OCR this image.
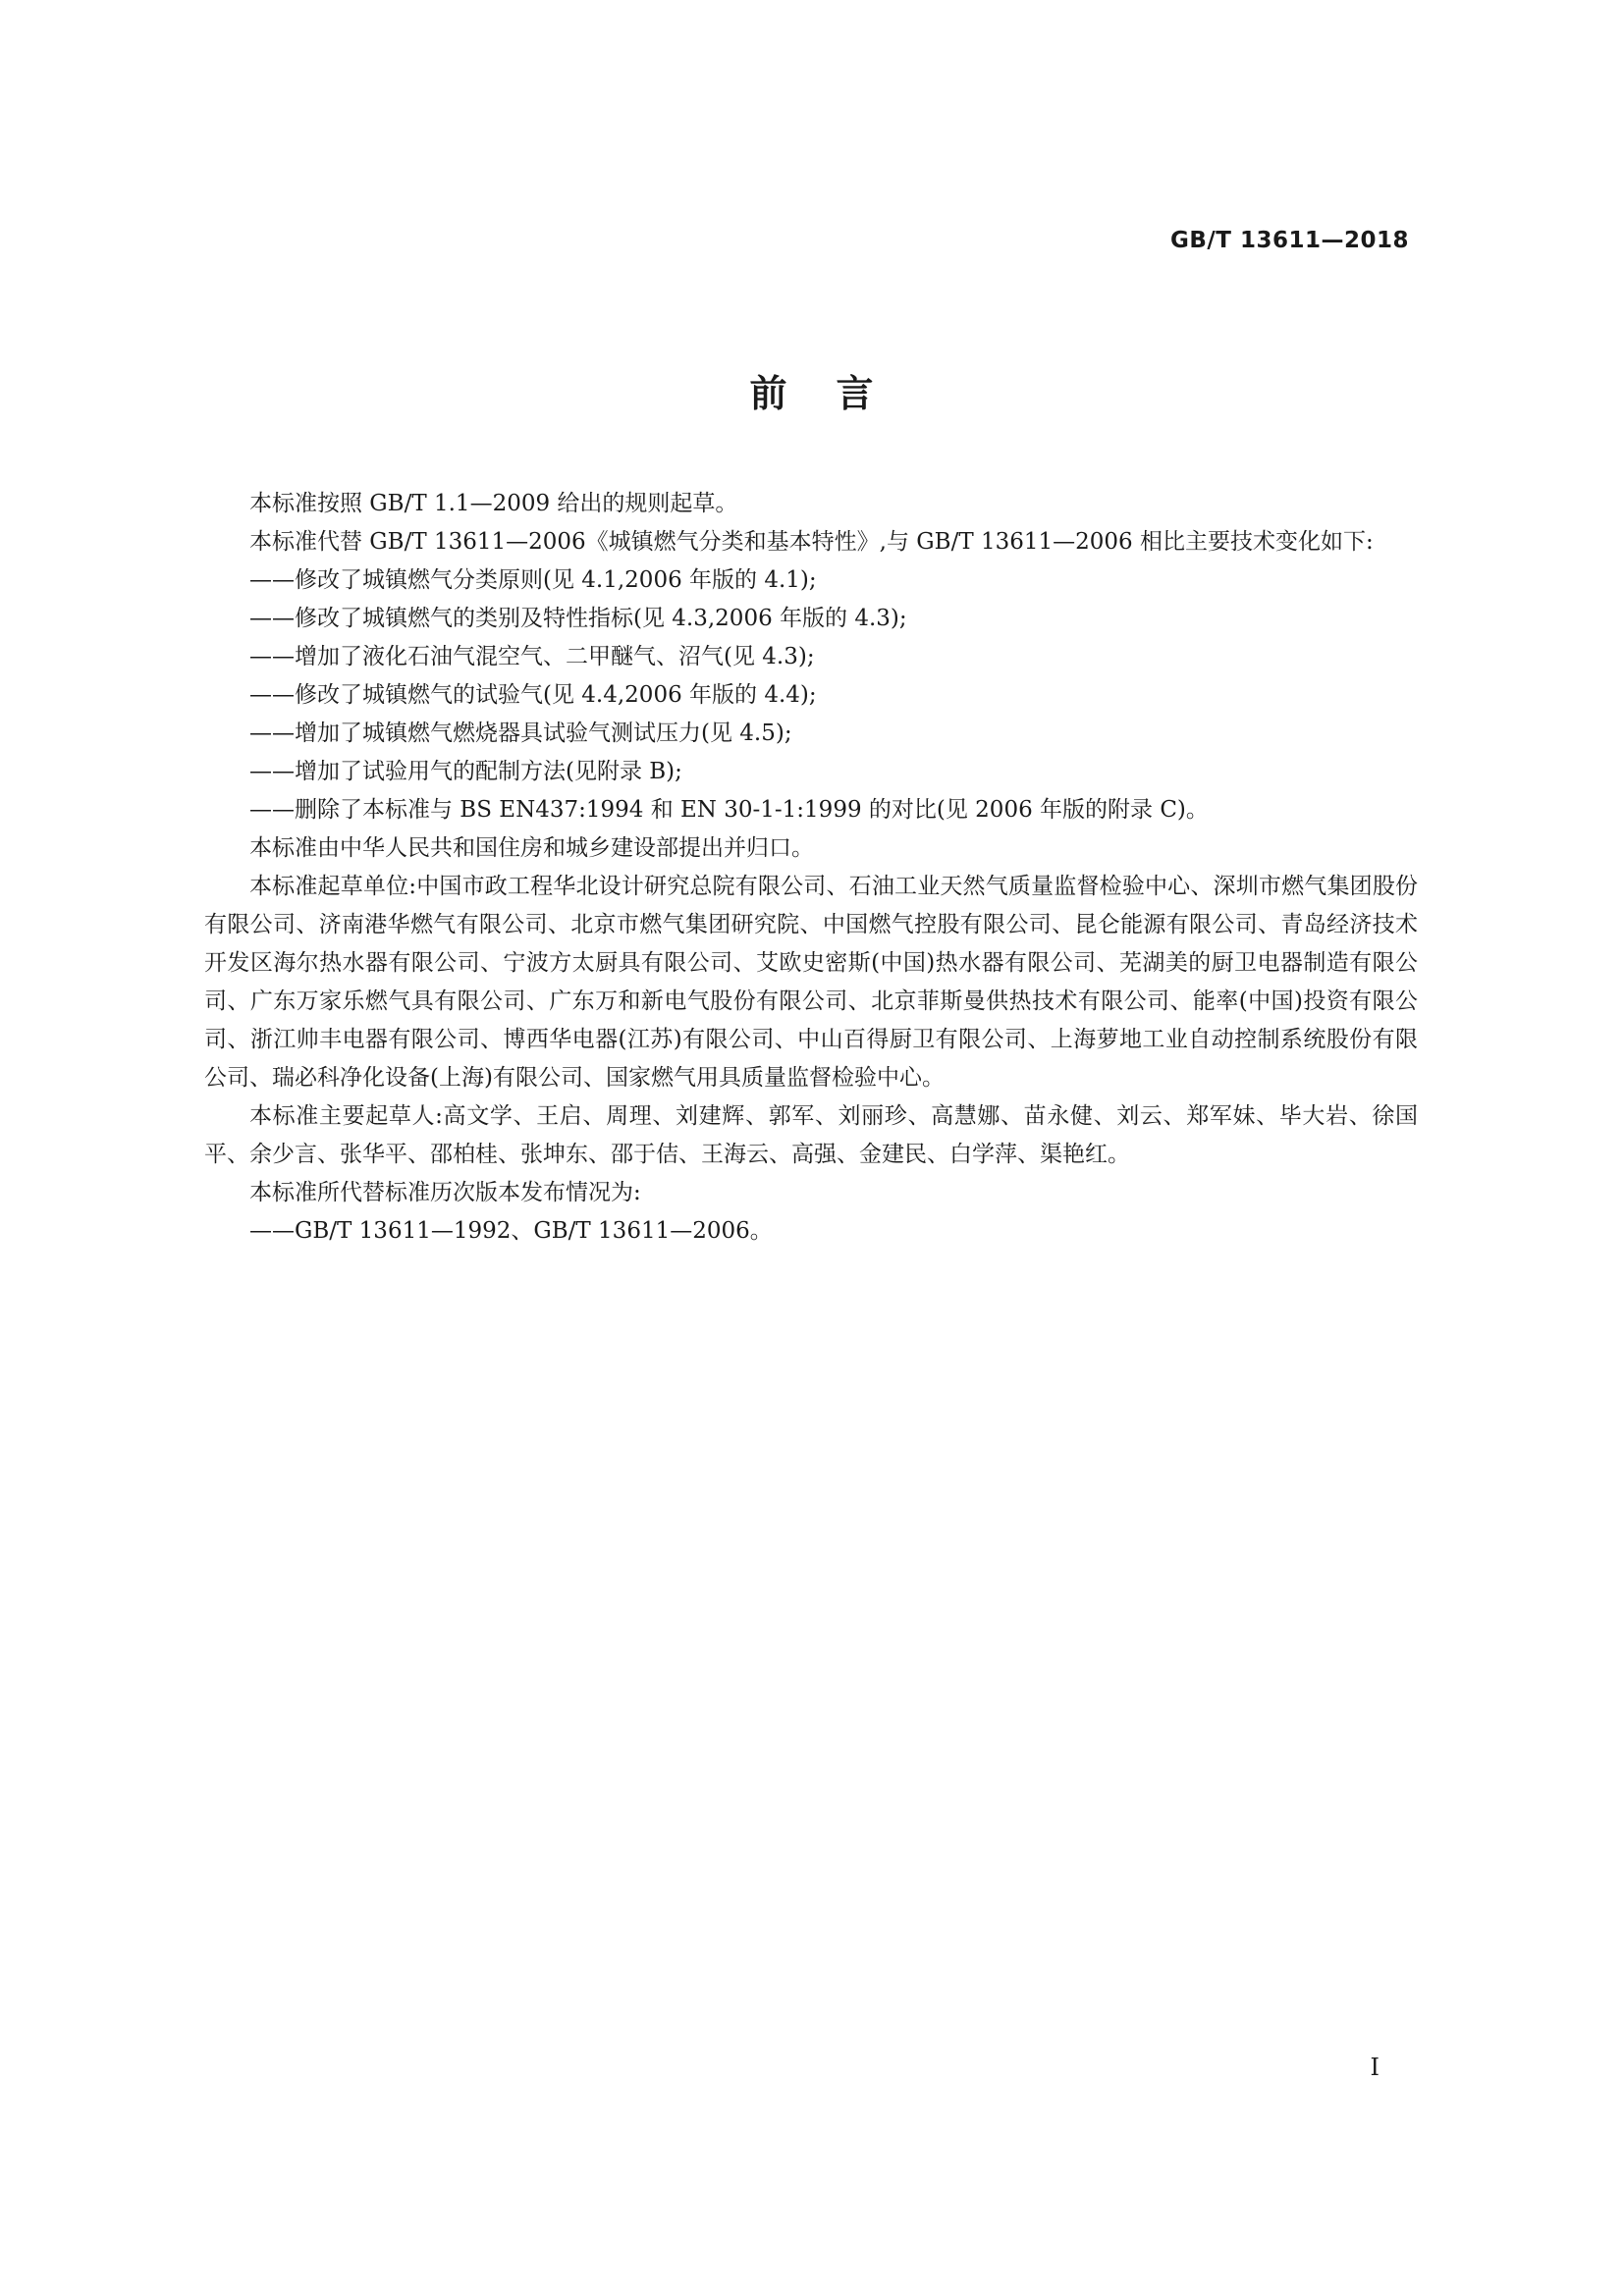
GB/T 13611—2018
前言

本标准按照 GB/T 1.1—2009 给出的规则起草。

本标准代替 GB/T 13611—2006《城镇燃气分类和基本特性》,与 GB/T 13611—2006 相比主要技术变化如下:

——修改了城镇燃气分类原则(见 4.1,2006 年版的 4.1);

——修改了城镇燃气的类别及特性指标(见 4.3,2006 年版的 4.3);

——增加了液化石油气混空气、二甲醚气、沼气(见 4.3);

——修改了城镇燃气的试验气(见 4.4,2006 年版的 4.4);

——增加了城镇燃气燃烧器具试验气测试压力(见 4.5);

——增加了试验用气的配制方法(见附录 B);

——删除了本标准与 BS EN437:1994 和 EN 30-1-1:1999 的对比(见 2006 年版的附录 C)。

本标准由中华人民共和国住房和城乡建设部提出并归口。

本标准起草单位:中国市政工程华北设计研究总院有限公司、石油工业天然气质量监督检验中心、深圳市燃气集团股份有限公司、济南港华燃气有限公司、北京市燃气集团研究院、中国燃气控股有限公司、昆仑能源有限公司、青岛经济技术开发区海尔热水器有限公司、宁波方太厨具有限公司、艾欧史密斯(中国)热水器有限公司、芜湖美的厨卫电器制造有限公司、广东万家乐燃气具有限公司、广东万和新电气股份有限公司、北京菲斯曼供热技术有限公司、能率(中国)投资有限公司、浙江帅丰电器有限公司、博西华电器(江苏)有限公司、中山百得厨卫有限公司、上海萝地工业自动控制系统股份有限公司、瑞必科净化设备(上海)有限公司、国家燃气用具质量监督检验中心。

本标准主要起草人:高文学、王启、周理、刘建辉、郭军、刘丽珍、高慧娜、苗永健、刘云、郑军妹、毕大岩、徐国平、余少言、张华平、邵柏桂、张坤东、邵于佶、王海云、高强、金建民、白学萍、渠艳红。

本标准所代替标准历次版本发布情况为:

——GB/T 13611—1992、GB/T 13611—2006。

I
